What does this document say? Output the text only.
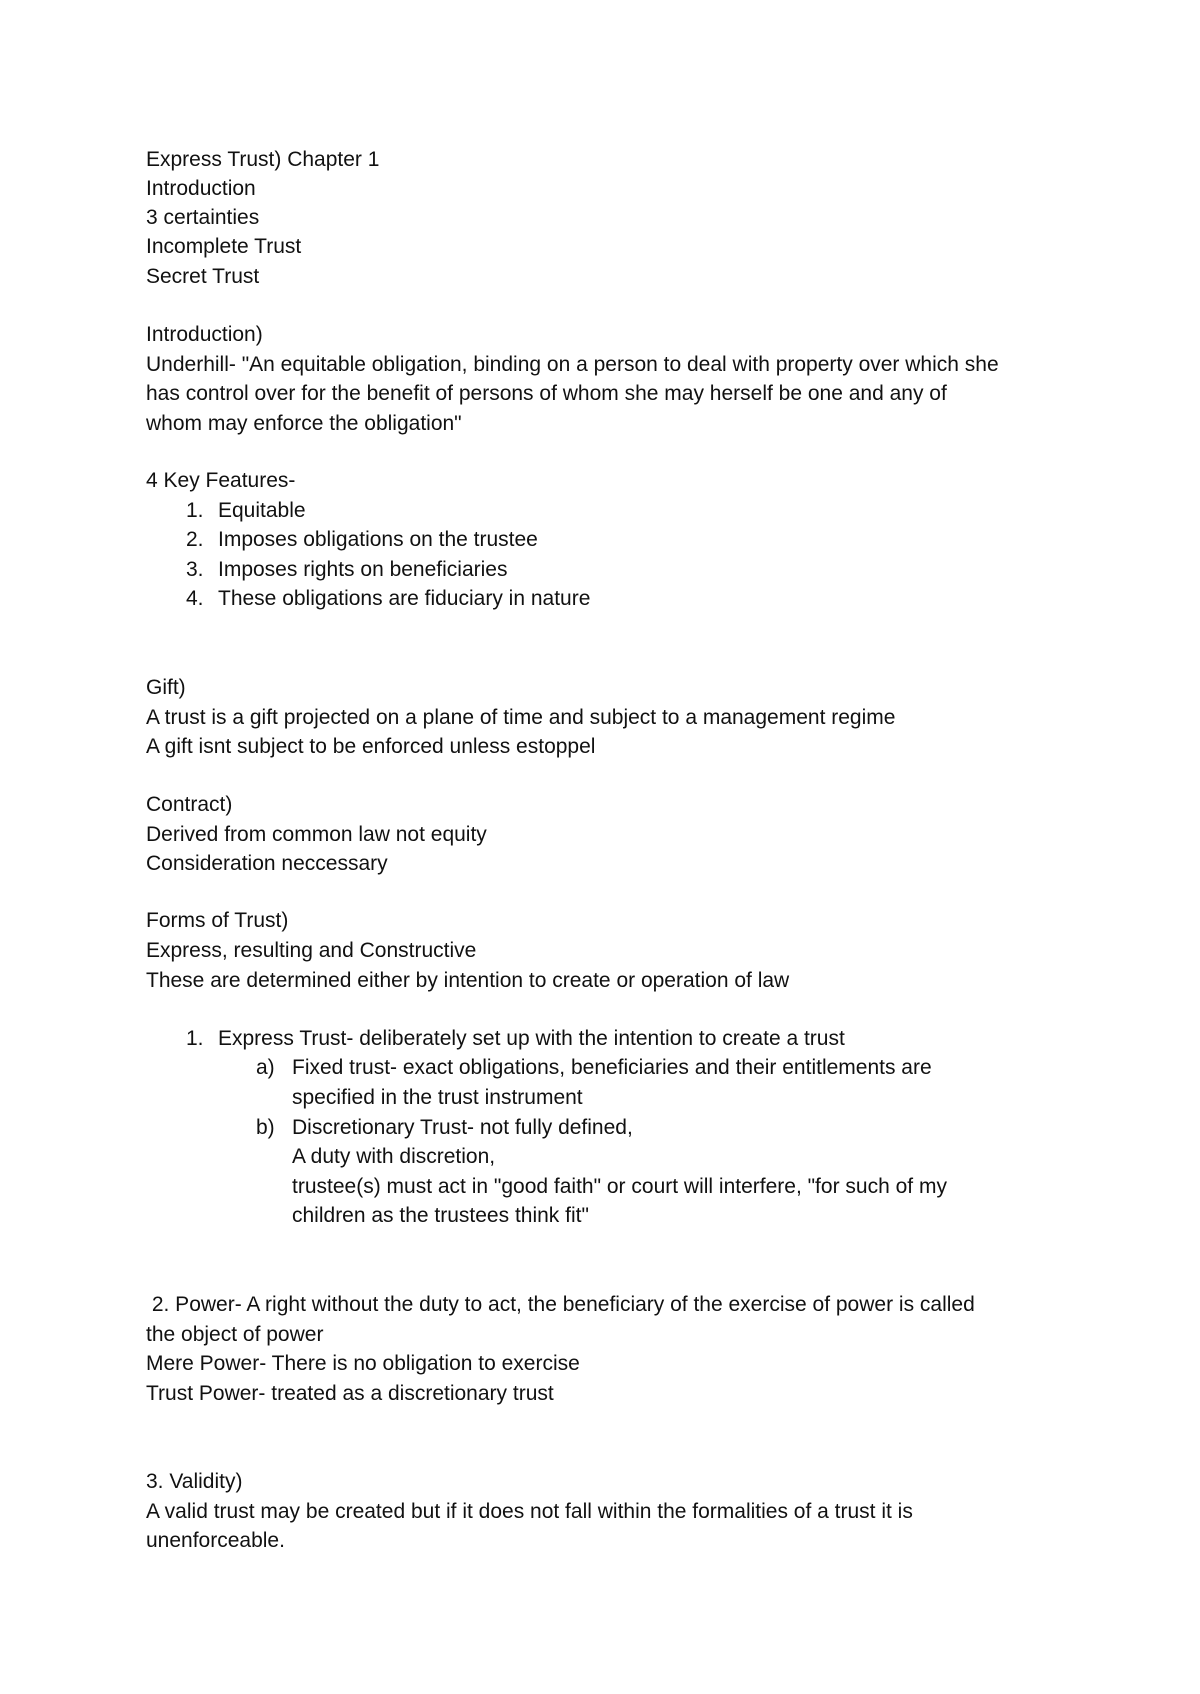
Express Trust) Chapter 1
Introduction
3 certainties
Incomplete Trust
Secret Trust
Introduction)
Underhill- "An equitable obligation, binding on a person to deal with property over which she
has control over for the benefit of persons of whom she may herself be one and any of
whom may enforce the obligation"
4 Key Features-
1. Equitable
2. Imposes obligations on the trustee
3. Imposes rights on beneficiaries
4. These obligations are fiduciary in nature
Gift)
A trust is a gift projected on a plane of time and subject to a management regime
A gift isnt subject to be enforced unless estoppel
Contract)
Derived from common law not equity
Consideration neccessary
Forms of Trust)
Express, resulting and Constructive
These are determined either by intention to create or operation of law
1. Express Trust- deliberately set up with the intention to create a trust
a) Fixed trust- exact obligations, beneficiaries and their entitlements are
specified in the trust instrument
b) Discretionary Trust- not fully defined,
A duty with discretion,
trustee(s) must act in "good faith" or court will interfere, "for such of my
children as the trustees think fit"
2. Power- A right without the duty to act, the beneficiary of the exercise of power is called
the object of power
Mere Power- There is no obligation to exercise
Trust Power- treated as a discretionary trust
3. Validity)
A valid trust may be created but if it does not fall within the formalities of a trust it is
unenforceable.
